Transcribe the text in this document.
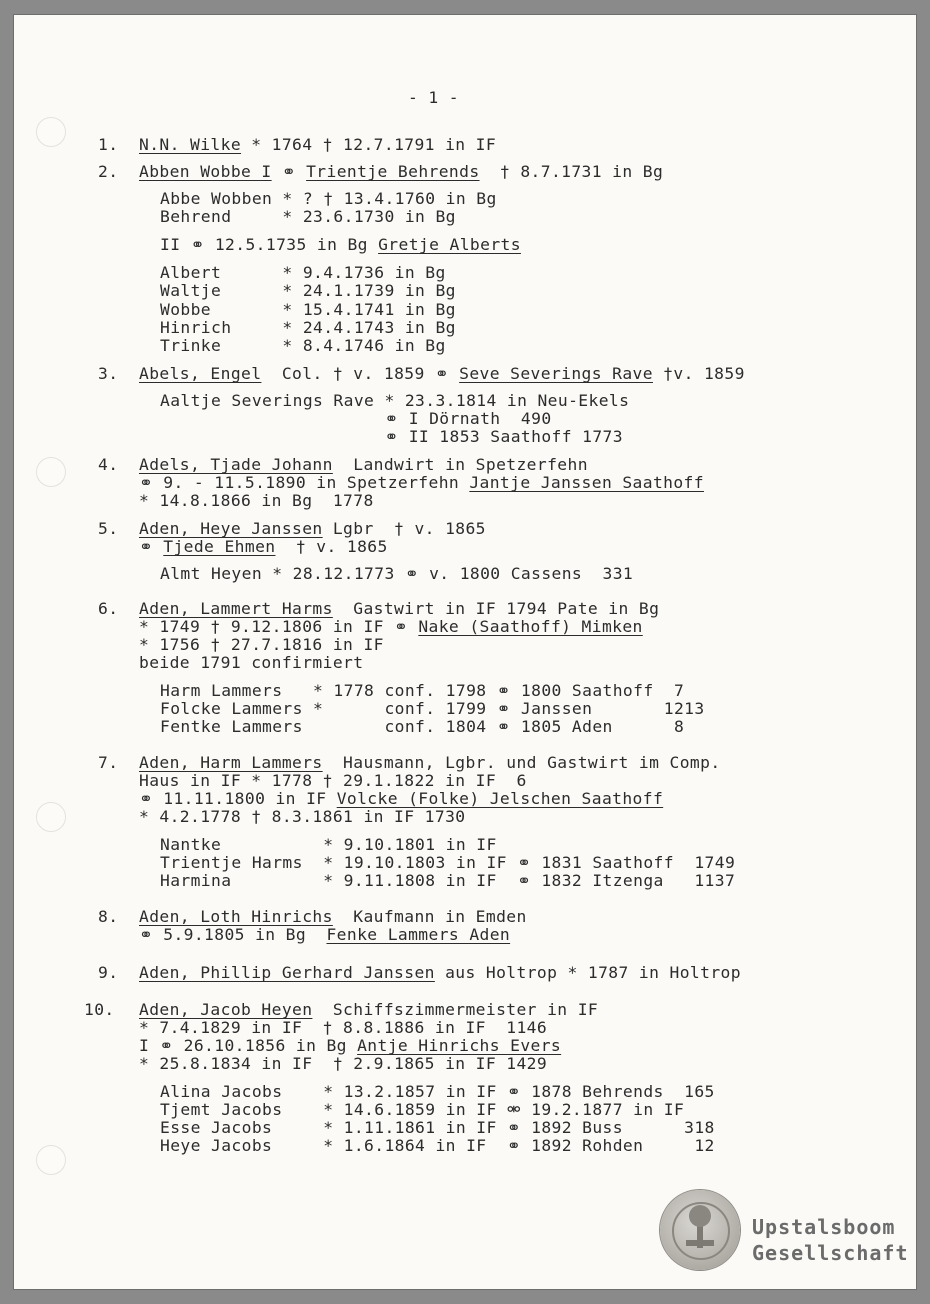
- 1 -
1. N.N. Wilke * 1764 † 12.7.1791 in IF
2. Abben Wobbe I ⚭ Trientje Behrends  † 8.7.1731 in Bg
Abbe Wobben * ? † 13.4.1760 in Bg
Behrend     * 23.6.1730 in Bg
II ⚭ 12.5.1735 in Bg Gretje Alberts
Albert      * 9.4.1736 in Bg
Waltje      * 24.1.1739 in Bg
Wobbe       * 15.4.1741 in Bg
Hinrich     * 24.4.1743 in Bg
Trinke      * 8.4.1746 in Bg
3. Abels, Engel  Col. † v. 1859 ⚭ Seve Severings Rave †v. 1859
Aaltje Severings Rave * 23.3.1814 in Neu-Ekels
⚭ I Dörnath  490
⚭ II 1853 Saathoff 1773
4. Adels, Tjade Johann  Landwirt in Spetzerfehn
⚭ 9. - 11.5.1890 in Spetzerfehn Jantje Janssen Saathoff
* 14.8.1866 in Bg  1778
5. Aden, Heye Janssen Lgbr  † v. 1865
⚭ Tjede Ehmen  † v. 1865
Almt Heyen * 28.12.1773 ⚭ v. 1800 Cassens  331
6. Aden, Lammert Harms  Gastwirt in IF 1794 Pate in Bg
* 1749 † 9.12.1806 in IF ⚭ Nake (Saathoff) Mimken
* 1756 † 27.7.1816 in IF
beide 1791 confirmiert
Harm Lammers   * 1778 conf. 1798 ⚭ 1800 Saathoff  7
Folcke Lammers *      conf. 1799 ⚭ Janssen       1213
Fentke Lammers        conf. 1804 ⚭ 1805 Aden      8
7. Aden, Harm Lammers  Hausmann, Lgbr. und Gastwirt im Comp.
Haus in IF * 1778 † 29.1.1822 in IF  6
⚭ 11.11.1800 in IF Volcke (Folke) Jelschen Saathoff
* 4.2.1778 † 8.3.1861 in IF 1730
Nantke          * 9.10.1801 in IF
Trientje Harms  * 19.10.1803 in IF ⚭ 1831 Saathoff  1749
Harmina         * 9.11.1808 in IF  ⚭ 1832 Itzenga   1137
8. Aden, Loth Hinrichs  Kaufmann in Emden
⚭ 5.9.1805 in Bg  Fenke Lammers Aden
9. Aden, Phillip Gerhard Janssen aus Holtrop * 1787 in Holtrop
10. Aden, Jacob Heyen  Schiffszimmermeister in IF
* 7.4.1829 in IF  † 8.8.1886 in IF  1146
I ⚭ 26.10.1856 in Bg Antje Hinrichs Evers
* 25.8.1834 in IF  † 2.9.1865 in IF 1429
Alina Jacobs    * 13.2.1857 in IF ⚭ 1878 Behrends  165
Tjemt Jacobs    * 14.6.1859 in IF ⚮ 19.2.1877 in IF
Esse Jacobs     * 1.11.1861 in IF ⚭ 1892 Buss      318
Heye Jacobs     * 1.6.1864 in IF  ⚭ 1892 Rohden     12
Upstalsboom
Gesellschaft
